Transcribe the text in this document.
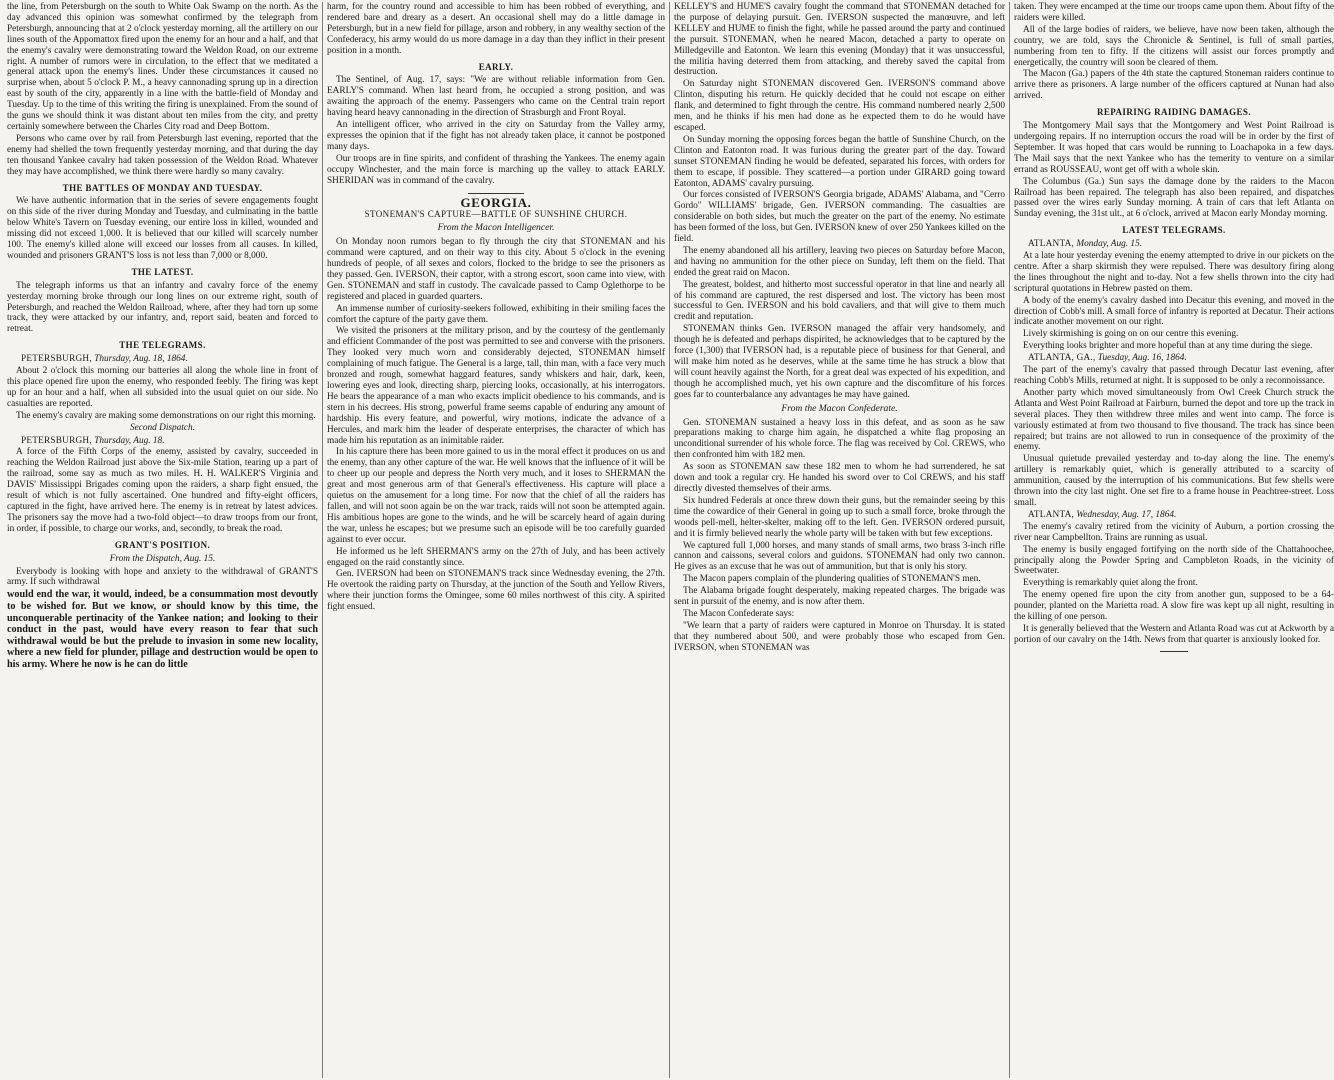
the line, from Petersburgh on the south to White Oak Swamp on the north. As the day advanced this opinion was somewhat confirmed by the telegraph from Petersburgh, announcing that at 2 o'clock yesterday morning, all the artillery on our lines south of the Appomattox fired upon the enemy for an hour and a half, and that the enemy's cavalry were demonstrating toward the Weldon Road, on our extreme right. A number of rumors were in circulation, to the effect that we meditated a general attack upon the enemy's lines. Under these circumstances it caused no surprise when, about 5 o'clock P. M., a heavy cannonading sprung up in a direction east by south of the city, apparently in a line with the battle-field of Monday and Tuesday. Up to the time of this writing the firing is unexplained. From the sound of the guns we should think it was distant about ten miles from the city, and pretty certainly somewhere between the Charles City road and Deep Bottom.

Persons who came over by rail from Petersburgh last evening, reported that the enemy had shelled the town frequently yesterday morning, and that during the day ten thousand Yankee cavalry had taken possession of the Weldon Road. Whatever they may have accomplished, we think there were hardly so many cavalry.

THE BATTLES OF MONDAY AND TUESDAY.

We have authentic information that in the series of severe engagements fought on this side of the river during Monday and Tuesday, and culminating in the battle below White's Tavern on Tuesday evening, our entire loss in killed, wounded and missing did not exceed 1,000. It is believed that our killed will scarcely number 100. The enemy's killed alone will exceed our losses from all causes. In killed, wounded and prisoners GRANT'S loss is not less than 7,000 or 8,000.

THE LATEST.

The telegraph informs us that an infantry and cavalry force of the enemy yesterday morning broke through our long lines on our extreme right, south of Petersburgh, and reached the Weldon Railroad, where, after they had torn up some track, they were attacked by our infantry, and, report said, beaten and forced to retreat.

THE TELEGRAMS.

PETERSBURGH, Thursday, Aug. 18, 1864.

About 2 o'clock this morning our batteries all along the whole line in front of this place opened fire upon the enemy, who responded feebly. The firing was kept up for an hour and a half, when all subsided into the usual quiet on our side. No casualties are reported.

The enemy's cavalry are making some demonstrations on our right this morning.

Second Dispatch.

PETERSBURGH, Thursday, Aug. 18.

A force of the Fifth Corps of the enemy, assisted by cavalry, succeeded in reaching the Weldon Railroad just above the Six-mile Station, tearing up a part of the railroad, some say as much as two miles. H. H. WALKER'S Virginia and DAVIS' Mississippi Brigades coming upon the raiders, a sharp fight ensued, the result of which is not fully ascertained. One hundred and fifty-eight officers, captured in the fight, have arrived here. The enemy is in retreat by latest advices. The prisoners say the move had a two-fold object—to draw troops from our front, in order, if possible, to charge our works, and, secondly, to break the road.

GRANT'S POSITION.
From the Dispatch, Aug. 15.

Everybody is looking with hope and anxiety to the withdrawal of GRANT'S army. If such withdrawal

would end the war, it would, indeed, be a consummation most devoutly to be wished for. But we know, or should know by this time, the unconquerable pertinacity of the Yankee nation; and looking to their conduct in the past, would have every reason to fear that such withdrawal would be but the prelude to invasion in some new locality, where a new field for plunder, pillage and destruction would be open to his army. Where he now is he can do little

harm, for the country round and accessible to him has been robbed of everything, and rendered bare and dreary as a desert. An occasional shell may do a little damage in Petersburgh, but in a new field for pillage, arson and robbery, in any wealthy section of the Confederacy, his army would do us more damage in a day than they inflict in their present position in a month.

EARLY.

The Sentinel, of Aug. 17, says: "We are without reliable information from Gen. EARLY'S command. When last heard from, he occupied a strong position, and was awaiting the approach of the enemy. Passengers who came on the Central train report having heard heavy cannonading in the direction of Strasburgh and Front Royal.

An intelligent officer, who arrived in the city on Saturday from the Valley army, expresses the opinion that if the fight has not already taken place, it cannot be postponed many days.

Our troops are in fine spirits, and confident of thrashing the Yankees. The enemy again occupy Winchester, and the main force is marching up the valley to attack EARLY. SHERIDAN was in command of the cavalry.

GEORGIA.
STONEMAN'S CAPTURE—BATTLE OF SUNSHINE CHURCH.
From the Macon Intelligencer.

On Monday noon rumors began to fly through the city that STONEMAN and his command were captured, and on their way to this city. About 5 o'clock in the evening hundreds of people, of all sexes and colors, flocked to the bridge to see the prisoners as they passed. Gen. IVERSON, their captor, with a strong escort, soon came into view, with Gen. STONEMAN and staff in custody. The cavalcade passed to Camp Oglethorpe to be registered and placed in guarded quarters.

An immense number of curiosity-seekers followed, exhibiting in their smiling faces the comfort the capture of the party gave them.

We visited the prisoners at the military prison, and by the courtesy of the gentlemanly and efficient Commander of the post was permitted to see and converse with the prisoners. They looked very much worn and considerably dejected, STONEMAN himself complaining of much fatigue. The General is a large, tall, thin man, with a face very much bronzed and rough, somewhat haggard features, sandy whiskers and hair, dark, keen, lowering eyes and look, directing sharp, piercing looks, occasionally, at his interrogators. He bears the appearance of a man who exacts implicit obedience to his commands, and is stern in his decrees. His strong, powerful frame seems capable of enduring any amount of hardship. His every feature, and powerful, wiry motions, indicate the advance of a Hercules, and mark him the leader of desperate enterprises, the character of which has made him his reputation as an inimitable raider.

In his capture there has been more gained to us in the moral effect it produces on us and the enemy, than any other capture of the war. He well knows that the influence of it will be to cheer up our people and depress the North very much, and it loses to SHERMAN the great and most generous arm of that General's effectiveness. His capture will place a quietus on the amusement for a long time. For now that the chief of all the raiders has fallen, and will not soon again be on the war track, raids will not soon be attempted again. His ambitious hopes are gone to the winds, and he will be scarcely heard of again during the war, unless he escapes; but we presume such an episode will be too carefully guarded against to ever occur.

He informed us he left SHERMAN'S army on the 27th of July, and has been actively engaged on the raid constantly since.

Gen. IVERSON had been on STONEMAN'S track since Wednesday evening, the 27th. He overtook the raiding party on Thursday, at the junction of the South and Yellow Rivers, where their junction forms the Omingee, some 60 miles northwest of this city. A spirited fight ensued.

KELLEY'S and HUME'S cavalry fought the command that STONEMAN detached for the purpose of delaying pursuit. Gen. IVERSON suspected the manœuvre, and left KELLEY and HUME to finish the fight, while he passed around the party and continued the pursuit. STONEMAN, when he neared Macon, detached a party to operate on Milledgeville and Eatonton. We learn this evening (Monday) that it was unsuccessful, the militia having deterred them from attacking, and thereby saved the capital from destruction.

On Saturday night STONEMAN discovered Gen. IVERSON'S command above Clinton, disputing his return. He quickly decided that he could not escape on either flank, and determined to fight through the centre. His command numbered nearly 2,500 men, and he thinks if his men had done as he expected them to do he would have escaped.

On Sunday morning the opposing forces began the battle of Sunshine Church, on the Clinton and Eatonton road. It was furious during the greater part of the day. Toward sunset STONEMAN finding he would be defeated, separated his forces, with orders for them to escape, if possible. They scattered—a portion under GIRARD going toward Eatonton, ADAMS' cavalry pursuing.

Our forces consisted of IVERSON'S Georgia brigade, ADAMS' Alabama, and "Cerro Gordo" WILLIAMS' brigade, Gen. IVERSON commanding. The casualties are considerable on both sides, but much the greater on the part of the enemy. No estimate has been formed of the loss, but Gen. IVERSON knew of over 250 Yankees killed on the field.

The enemy abandoned all his artillery, leaving two pieces on Saturday before Macon, and having no ammunition for the other piece on Sunday, left them on the field. That ended the great raid on Macon.

The greatest, boldest, and hitherto most successful operator in that line and nearly all of his command are captured, the rest dispersed and lost. The victory has been most successful to Gen. IVERSON and his bold cavaliers, and that will give to them much credit and reputation.

STONEMAN thinks Gen. IVERSON managed the affair very handsomely, and though he is defeated and perhaps dispirited, he acknowledges that to be captured by the force (1,300) that IVERSON had, is a reputable piece of business for that General, and will make him noted as he deserves, while at the same time he has struck a blow that will count heavily against the North, for a great deal was expected of his expedition, and though he accomplished much, yet his own capture and the discomfiture of his forces goes far to counterbalance any advantages he may have gained.

From the Macon Confederate.

Gen. STONEMAN sustained a heavy loss in this defeat, and as soon as he saw preparations making to charge him again, he dispatched a white flag proposing an unconditional surrender of his whole force. The flag was received by Col. CREWS, who then confronted him with 182 men.

As soon as STONEMAN saw these 182 men to whom he had surrendered, he sat down and took a regular cry. He handed his sword over to Col CREWS, and his staff directly divested themselves of their arms.

Six hundred Federals at once threw down their guns, but the remainder seeing by this time the cowardice of their General in going up to such a small force, broke through the woods pell-mell, helter-skelter, making off to the left. Gen. IVERSON ordered pursuit, and it is firmly believed nearly the whole party will be taken with but few exceptions.

We captured full 1,000 horses, and many stands of small arms, two brass 3-inch rifle cannon and caissons, several colors and guidons. STONEMAN had only two cannon. He gives as an excuse that he was out of ammunition, but that is only his story.

The Macon papers complain of the plundering qualities of STONEMAN'S men.

The Alabama brigade fought desperately, making repeated charges. The brigade was sent in pursuit of the enemy, and is now after them.

The Macon Confederate says:

"We learn that a party of raiders were captured in Monroe on Thursday. It is stated that they numbered about 500, and were probably those who escaped from Gen. IVERSON, when STONEMAN was

taken. They were encamped at the time our troops came upon them. About fifty of the raiders were killed.

All of the large bodies of raiders, we believe, have now been taken, although the country, we are told, says the Chronicle & Sentinel, is full of small parties, numbering from ten to fifty. If the citizens will assist our forces promptly and energetically, the country will soon be cleared of them.

The Macon (Ga.) papers of the 4th state the captured Stoneman raiders continue to arrive there as prisoners. A large number of the officers captured at Nunan had also arrived.

REPAIRING RAIDING DAMAGES.

The Montgomery Mail says that the Montgomery and West Point Railroad is undergoing repairs. If no interruption occurs the road will be in order by the first of September. It was hoped that cars would be running to Loachapoka in a few days. The Mail says that the next Yankee who has the temerity to venture on a similar errand as ROUSSEAU, wont get off with a whole skin.

The Columbus (Ga.) Sun says the damage done by the raiders to the Macon Railroad has been repaired. The telegraph has also been repaired, and dispatches passed over the wires early Sunday morning. A train of cars that left Atlanta on Sunday evening, the 31st ult., at 6 o'clock, arrived at Macon early Monday morning.

LATEST TELEGRAMS.

ATLANTA, Monday, Aug. 15.

At a late hour yesterday evening the enemy attempted to drive in our pickets on the centre. After a sharp skirmish they were repulsed. There was desultory firing along the lines throughout the night and to-day. Not a few shells thrown into the city had scriptural quotations in Hebrew pasted on them.

A body of the enemy's cavalry dashed into Decatur this evening, and moved in the direction of Cobb's mill. A small force of infantry is reported at Decatur. Their actions indicate another movement on our right.

Lively skirmishing is going on on our centre this evening.

Everything looks brighter and more hopeful than at any time during the siege.

ATLANTA, GA., Tuesday, Aug. 16, 1864.

The part of the enemy's cavalry that passed through Decatur last evening, after reaching Cobb's Mills, returned at night. It is supposed to be only a reconnoissance.

Another party which moved simultaneously from Owl Creek Church struck the Atlanta and West Point Railroad at Fairburn, burned the depot and tore up the track in several places. They then withdrew three miles and went into camp. The force is variously estimated at from two thousand to five thousand. The track has since been repaired; but trains are not allowed to run in consequence of the proximity of the enemy.

Unusual quietude prevailed yesterday and to-day along the line. The enemy's artillery is remarkably quiet, which is generally attributed to a scarcity of ammunition, caused by the interruption of his communications. But few shells were thrown into the city last night. One set fire to a frame house in Peachtree-street. Loss small.

ATLANTA, Wednesday, Aug. 17, 1864.

The enemy's cavalry retired from the vicinity of Auburn, a portion crossing the river near Campbellton. Trains are running as usual.

The enemy is busily engaged fortifying on the north side of the Chattahoochee, principally along the Powder Spring and Campbleton Roads, in the vicinity of Sweetwater.

Everything is remarkably quiet along the front.

The enemy opened fire upon the city from another gun, supposed to be a 64-pounder, planted on the Marietta road. A slow fire was kept up all night, resulting in the killing of one person.

It is generally believed that the Western and Atlanta Road was cut at Ackworth by a portion of our cavalry on the 14th. News from that quarter is anxiously looked for.
